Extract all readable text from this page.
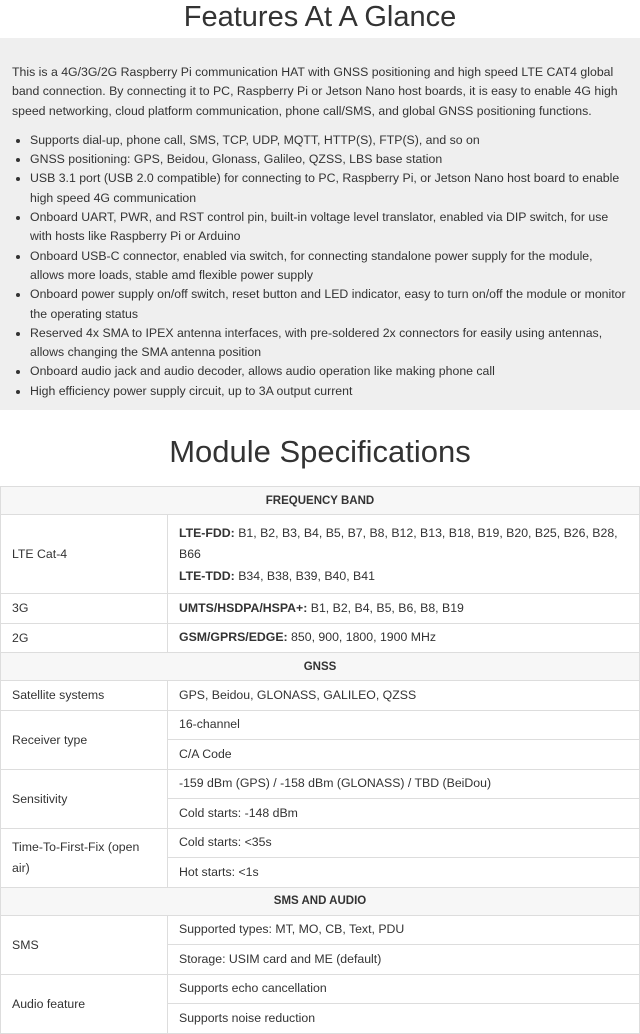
Features At A Glance

This is a 4G/3G/2G Raspberry Pi communication HAT with GNSS positioning and high speed LTE CAT4 global band connection. By connecting it to PC, Raspberry Pi or Jetson Nano host boards, it is easy to enable 4G high speed networking, cloud platform communication, phone call/SMS, and global GNSS positioning functions.

• Supports dial-up, phone call, SMS, TCP, UDP, MQTT, HTTP(S), FTP(S), and so on
• GNSS positioning: GPS, Beidou, Glonass, Galileo, QZSS, LBS base station
• USB 3.1 port (USB 2.0 compatible) for connecting to PC, Raspberry Pi, or Jetson Nano host board to enable high speed 4G communication
• Onboard UART, PWR, and RST control pin, built-in voltage level translator, enabled via DIP switch, for use with hosts like Raspberry Pi or Arduino
• Onboard USB-C connector, enabled via switch, for connecting standalone power supply for the module, allows more loads, stable amd flexible power supply
• Onboard power supply on/off switch, reset button and LED indicator, easy to turn on/off the module or monitor the operating status
• Reserved 4x SMA to IPEX antenna interfaces, with pre-soldered 2x connectors for easily using antennas, allows changing the SMA antenna position
• Onboard audio jack and audio decoder, allows audio operation like making phone call
• High efficiency power supply circuit, up to 3A output current
Module Specifications
FREQUENCY BAND	
LTE Cat-4	LTE-FDD: B1, B2, B3, B4, B5, B7, B8, B12, B13, B18, B19, B20, B25, B26, B28, B66
LTE-TDD: B34, B38, B39, B40, B41

3G	UMTS/HSDPA/HSPA+: B1, B2, B4, B5, B6, B8, B19
2G	GSM/GPRS/EDGE: 850, 900, 1800, 1900 MHz
GNSS	
Satellite systems	GPS, Beidou, GLONASS, GALILEO, QZSS
Receiver type	16-channel
	C/A Code
Sensitivity	-159 dBm (GPS) / -158 dBm (GLONASS) / TBD (BeiDou)
	Cold starts: -148 dBm
Time-To-First-Fix (open air)	Cold starts: <35s
	Hot starts: <1s
SMS AND AUDIO	
SMS	Supported types: MT, MO, CB, Text, PDU
	Storage: USIM card and ME (default)
Audio feature	Supports echo cancellation
	Supports noise reduction
